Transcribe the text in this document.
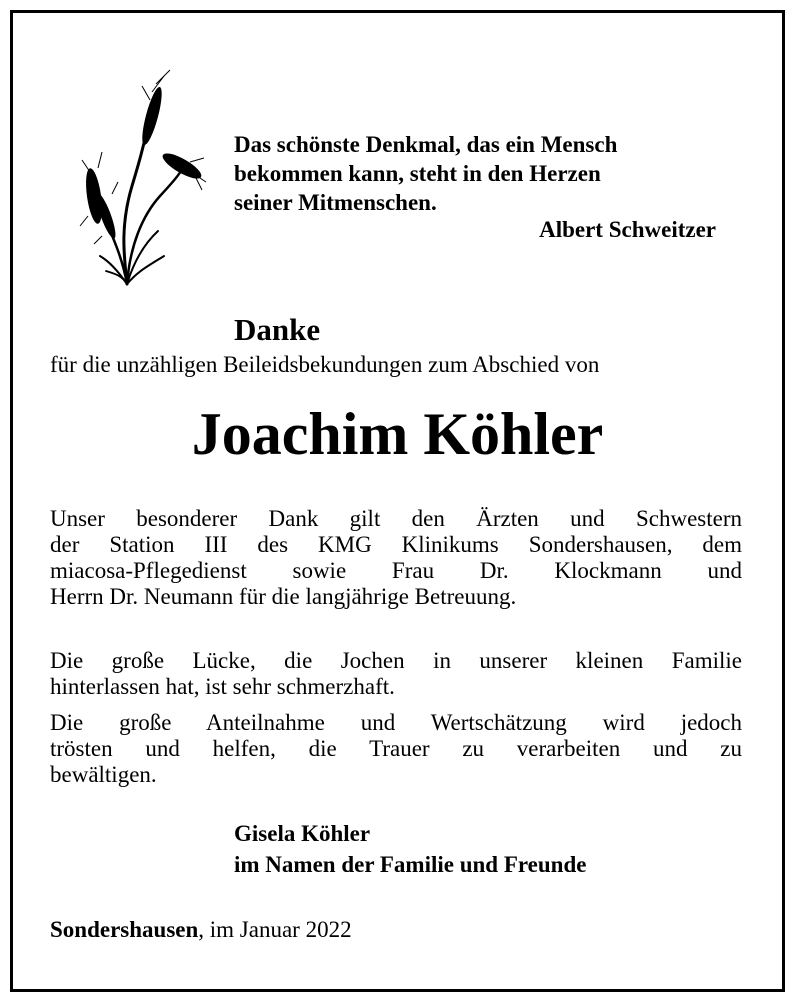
Das schönste Denkmal, das ein Mensch
bekommen kann, steht in den Herzen
seiner Mitmenschen.
Albert Schweitzer
Danke
für die unzähligen Beileidsbekundungen zum Abschied von
Joachim Köhler
Unser besonderer Dank gilt den Ärzten und Schwestern
der Station III des KMG Klinikums Sondershausen, dem
miacosa-Pflegedienst sowie Frau Dr. Klockmann und
Herrn Dr. Neumann für die langjährige Betreuung.
Die große Lücke, die Jochen in unserer kleinen Familie
hinterlassen hat, ist sehr schmerzhaft.
Die große Anteilnahme und Wertschätzung wird jedoch
trösten und helfen, die Trauer zu verarbeiten und zu
bewältigen.
Gisela Köhler
im Namen der Familie und Freunde
Sondershausen, im Januar 2022
